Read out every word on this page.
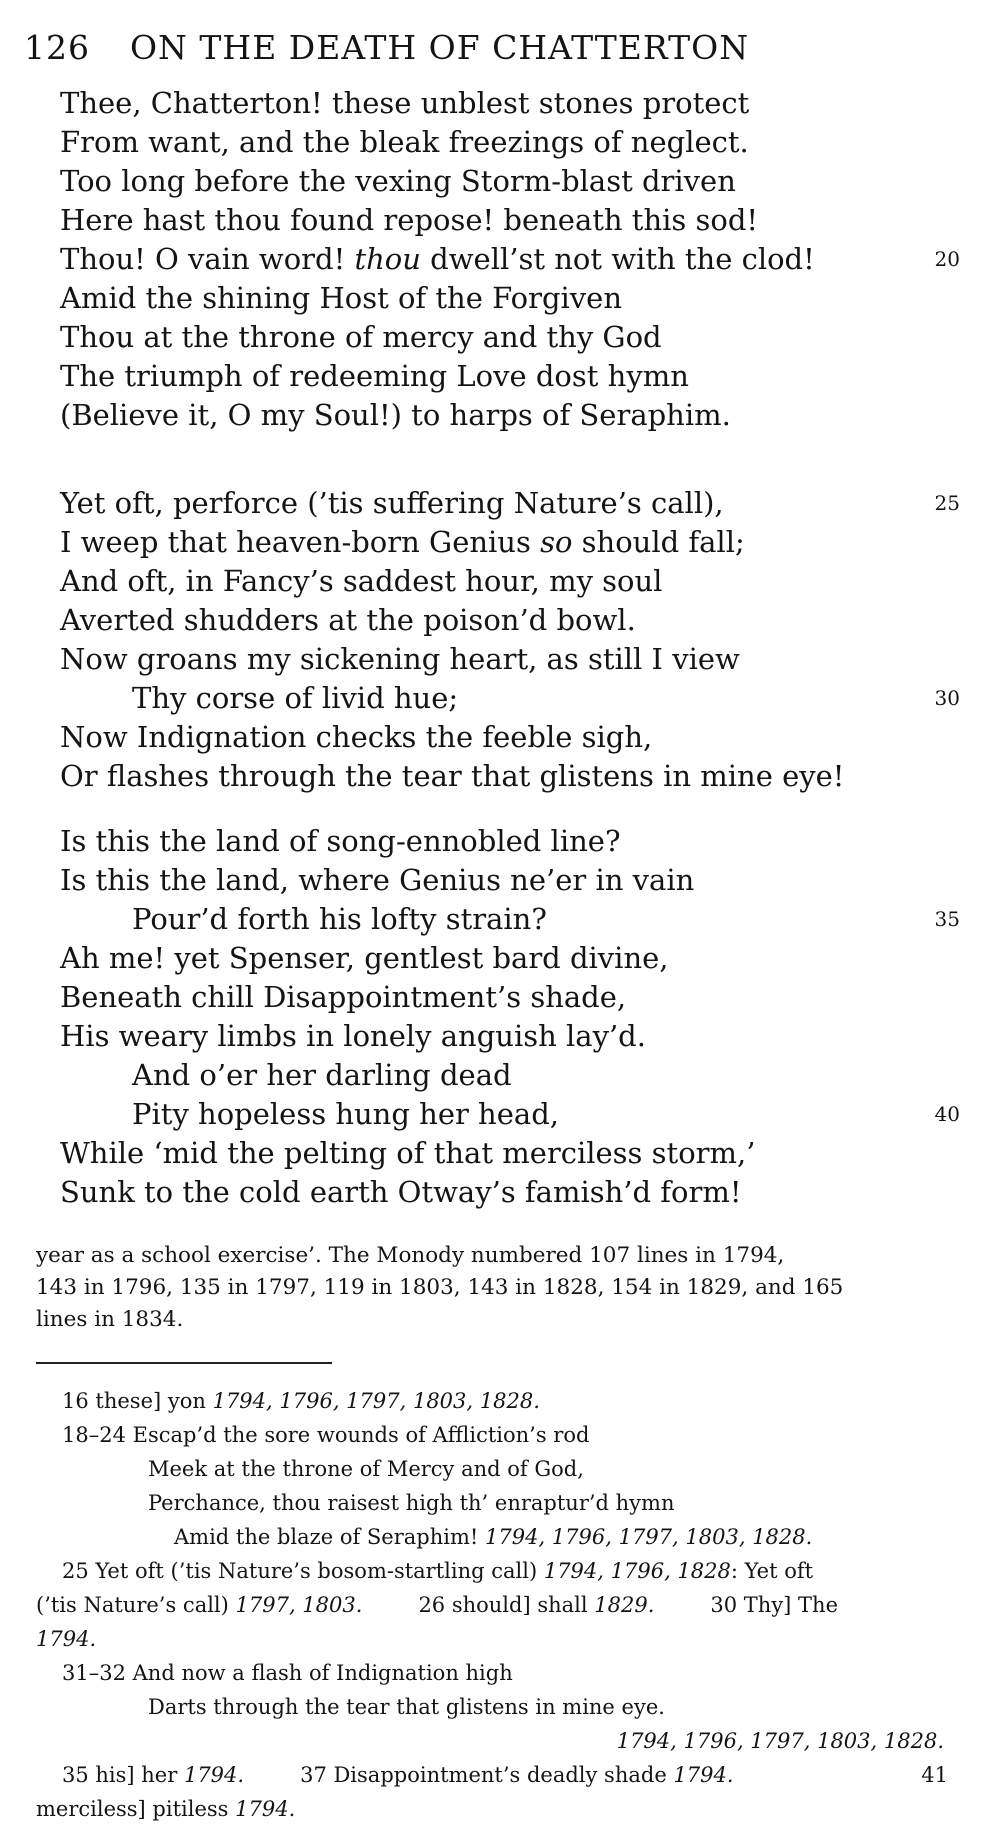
126 ON THE DEATH OF CHATTERTON
Thee, Chatterton! these unblest stones protect
From want, and the bleak freezings of neglect.
Too long before the vexing Storm-blast driven
Here hast thou found repose! beneath this sod!
Thou! O vain word! thou dwell’st not with the clod!	20
Amid the shining Host of the Forgiven
Thou at the throne of mercy and thy God
The triumph of redeeming Love dost hymn
(Believe it, O my Soul!) to harps of Seraphim.
Yet oft, perforce (’tis suffering Nature’s call),	25
I weep that heaven-born Genius so should fall;
And oft, in Fancy’s saddest hour, my soul
Averted shudders at the poison’d bowl.
Now groans my sickening heart, as still I view
Thy corse of livid hue;	30
Now Indignation checks the feeble sigh,
Or flashes through the tear that glistens in mine eye!
Is this the land of song-ennobled line?
Is this the land, where Genius ne’er in vain
Pour’d forth his lofty strain?	35
Ah me! yet Spenser, gentlest bard divine,
Beneath chill Disappointment’s shade,
His weary limbs in lonely anguish lay’d.
And o’er her darling dead
Pity hopeless hung her head,	40
While ‘mid the pelting of that merciless storm,’
Sunk to the cold earth Otway’s famish’d form!
year as a school exercise’. The Monody numbered 107 lines in 1794,
143 in 1796, 135 in 1797, 119 in 1803, 143 in 1828, 154 in 1829, and 165
lines in 1834.
16 these] yon 1794, 1796, 1797, 1803, 1828.
18–24 Escap’d the sore wounds of Affliction’s rod
Meek at the throne of Mercy and of God,
Perchance, thou raisest high th’ enraptur’d hymn
Amid the blaze of Seraphim! 1794, 1796, 1797, 1803, 1828.
25 Yet oft (’tis Nature’s bosom-startling call) 1794, 1796, 1828: Yet oft
(’tis Nature’s call) 1797, 1803.	26 should] shall 1829.	30 Thy] The
1794.
31–32 And now a flash of Indignation high
Darts through the tear that glistens in mine eye.
1794, 1796, 1797, 1803, 1828.
35 his] her 1794.	37 Disappointment’s deadly shade 1794.	41
merciless] pitiless 1794.
